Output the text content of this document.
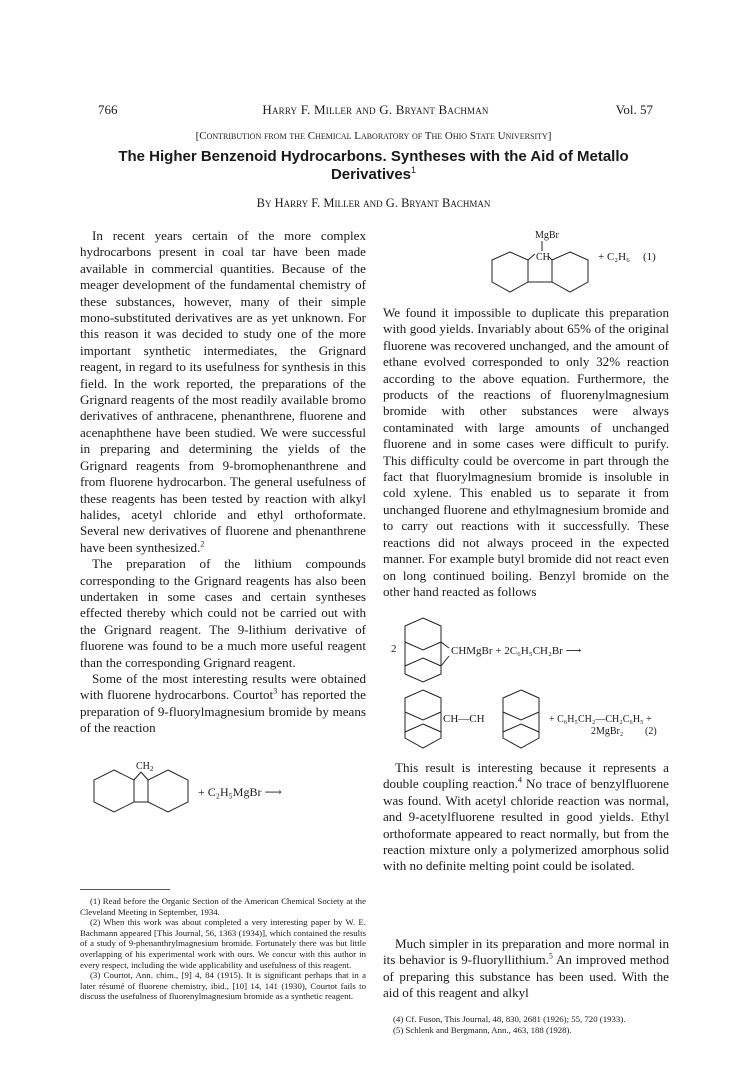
766	Harry F. Miller and G. Bryant Bachman	Vol. 57
[Contribution from the Chemical Laboratory of The Ohio State University]
The Higher Benzenoid Hydrocarbons. Syntheses with the Aid of Metallo Derivatives$^1$
By Harry F. Miller and G. Bryant Bachman

In recent years certain of the more complex hydrocarbons present in coal tar have been made available in commercial quantities. Because of the meager development of the fundamental chemistry of these substances, however, many of their simple mono-substituted derivatives are as yet unknown. For this reason it was decided to study one of the more important synthetic intermediates, the Grignard reagent, in regard to its usefulness for synthesis in this field. In the work reported, the preparations of the Grignard reagents of the most readily available bromo derivatives of anthracene, phenanthrene, fluorene and acenaphthene have been studied. We were successful in preparing and determining the yields of the Grignard reagents from 9-bromophenanthrene and from fluorene hydrocarbon. The general usefulness of these reagents has been tested by reaction with alkyl halides, acetyl chloride and ethyl orthoformate. Several new derivatives of fluorene and phenanthrene have been synthesized.$^2$

The preparation of the lithium compounds corresponding to the Grignard reagents has also been undertaken in some cases and certain syntheses effected thereby which could not be carried out with the Grignard reagent. The 9-lithium derivative of fluorene was found to be a much more useful reagent than the corresponding Grignard reagent.

Some of the most interesting results were obtained with fluorene hydrocarbons. Courtot$^3$ has reported the preparation of 9-fluorylmagnesium bromide by means of the reaction

CH 2
+ C₂H₅MgBr ⟶

(1) Read before the Organic Section of the American Chemical Society at the Cleveland Meeting in September, 1934.

(2) When this work was about completed a very interesting paper by W. E. Bachmann appeared [This Journal, 56, 1363 (1934)], which contained the results of a study of 9-phenanthrylmagnesium bromide. Fortunately there was but little overlapping of his experimental work with ours. We concur with this author in every respect, including the wide applicability and usefulness of this reagent.

(3) Courtot, Ann. chim., [9] 4, 84 (1915). It is significant perhaps that in a later résumé of fluorene chemistry, ibid., [10] 14, 141 (1930), Courtot fails to discuss the usefulness of fluorenylmagnesium bromide as a synthetic reagent.

MgBr
CH	+ C₂H₆ (1)

We found it impossible to duplicate this preparation with good yields. Invariably about 65% of the original fluorene was recovered unchanged, and the amount of ethane evolved corresponded to only 32% reaction according to the above equation. Furthermore, the products of the reactions of fluorenylmagnesium bromide with other substances were always contaminated with large amounts of unchanged fluorene and in some cases were difficult to purify. This difficulty could be overcome in part through the fact that fluorylmagnesium bromide is insoluble in cold xylene. This enabled us to separate it from unchanged fluorene and ethylmagnesium bromide and to carry out reactions with it successfully. These reactions did not always proceed in the expected manner. For example butyl bromide did not react even on long continued boiling. Benzyl bromide on the other hand reacted as follows

2	CHMgBr + 2C₆H₅CH₂Br ⟶
CH—CH	+ C₆H₅CH₂—CH₂C₆H₅ +
2MgBr₂ (2)

This result is interesting because it represents a double coupling reaction.$^4$ No trace of benzylfluorene was found. With acetyl chloride reaction was normal, and 9-acetylfluorene resulted in good yields. Ethyl orthoformate appeared to react normally, but from the reaction mixture only a polymerized amorphous solid with no definite melting point could be isolated.

Much simpler in its preparation and more normal in its behavior is 9-fluoryllithium.$^5$ An improved method of preparing this substance has been used. With the aid of this reagent and alkyl

(4) Cf. Fuson, This Journal, 48, 830, 2681 (1926); 55, 720 (1933).

(5) Schlenk and Bergmann, Ann., 463, 188 (1928).
